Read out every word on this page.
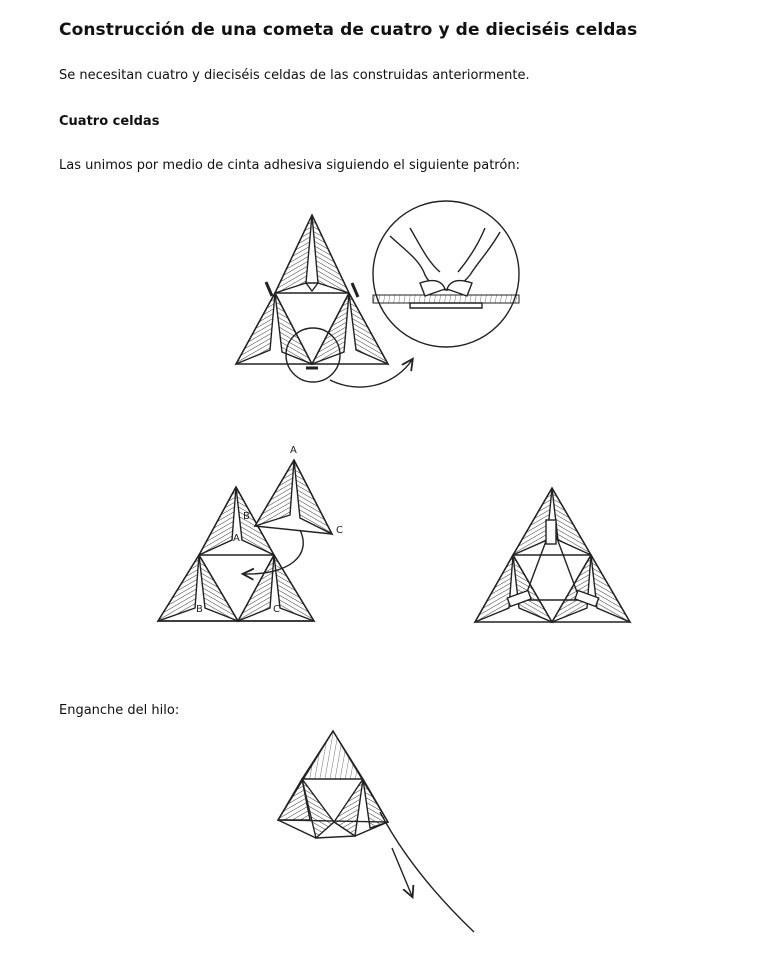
Construcción de una cometa de cuatro y de dieciséis celdas
Se necesitan cuatro y dieciséis celdas de las construidas anteriormente.
Cuatro celdas
Las unimos por medio de cinta adhesiva siguiendo el siguiente patrón:
Enganche del hilo:
A
B
C
A
B	C
